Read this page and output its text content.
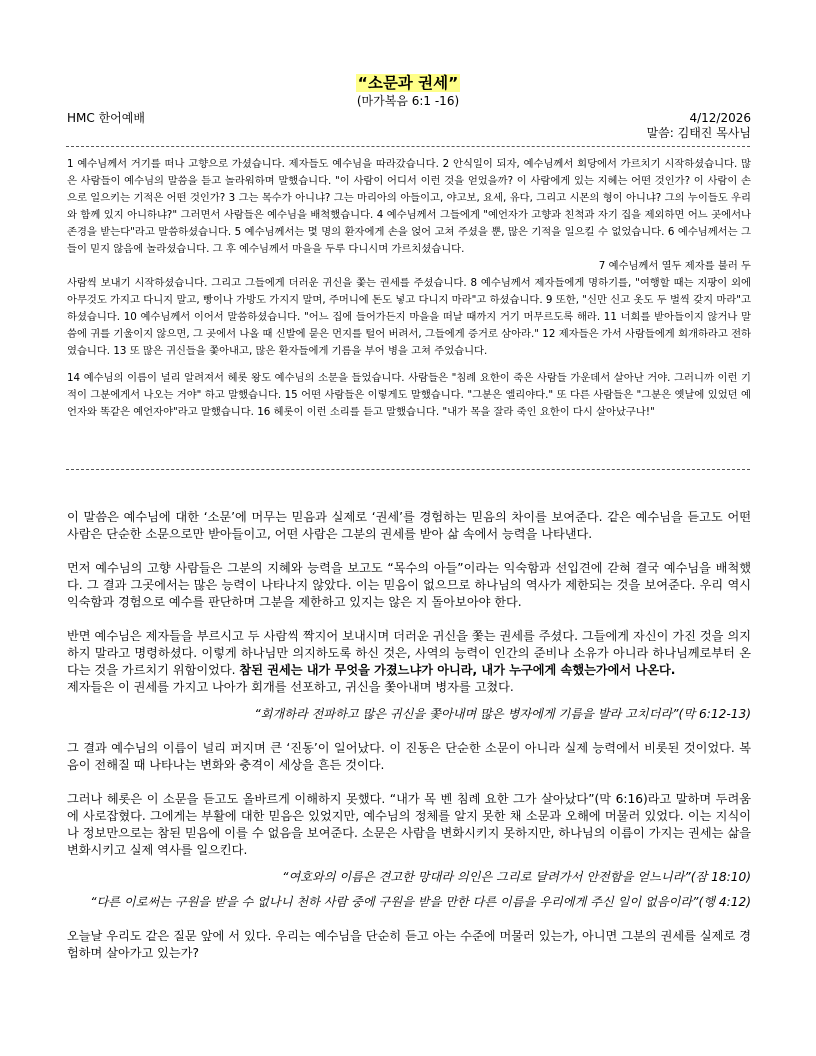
“소문과 권세”
(마가복음 6:1 -16)
HMC 한어예배	4/12/2026
말씀: 김태진 목사님

1 예수님께서 거기를 떠나 고향으로 가셨습니다. 제자들도 예수님을 따라갔습니다. 2 안식일이 되자, 예수님께서 회당에서 가르치기 시작하셨습니다. 많은 사람들이 예수님의 말씀을 듣고 놀라워하며 말했습니다. "이 사람이 어디서 이런 것을 얻었을까? 이 사람에게 있는 지혜는 어떤 것인가? 이 사람이 손으로 일으키는 기적은 어떤 것인가? 3 그는 목수가 아니냐? 그는 마리아의 아들이고, 야고보, 요세, 유다, 그리고 시몬의 형이 아니냐? 그의 누이들도 우리와 함께 있지 아니하냐?" 그러면서 사람들은 예수님을 배척했습니다. 4 예수님께서 그들에게 "예언자가 고향과 친척과 자기 집을 제외하면 어느 곳에서나 존경을 받는다"라고 말씀하셨습니다. 5 예수님께서는 몇 명의 환자에게 손을 얹어 고쳐 주셨을 뿐, 많은 기적을 일으킬 수 없었습니다. 6 예수님께서는 그들이 믿지 않음에 놀라셨습니다. 그 후 예수님께서 마을을 두루 다니시며 가르치셨습니다.

7 예수님께서 열두 제자를 불러 두

사람씩 보내기 시작하셨습니다. 그리고 그들에게 더러운 귀신을 쫓는 권세를 주셨습니다. 8 예수님께서 제자들에게 명하기를, "여행할 때는 지팡이 외에 아무것도 가지고 다니지 말고, 빵이나 가방도 가지지 말며, 주머니에 돈도 넣고 다니지 마라"고 하셨습니다. 9 또한, "신만 신고 옷도 두 벌씩 갖지 마라"고 하셨습니다. 10 예수님께서 이어서 말씀하셨습니다. "어느 집에 들어가든지 마을을 떠날 때까지 거기 머무르도록 해라. 11 너희를 받아들이지 않거나 말씀에 귀를 기울이지 않으면, 그 곳에서 나올 때 신발에 묻은 먼지를 털어 버려서, 그들에게 증거로 삼아라." 12 제자들은 가서 사람들에게 회개하라고 전하였습니다. 13 또 많은 귀신들을 쫓아내고, 많은 환자들에게 기름을 부어 병을 고쳐 주었습니다.

14 예수님의 이름이 널리 알려져서 헤롯 왕도 예수님의 소문을 들었습니다. 사람들은 "침례 요한이 죽은 사람들 가운데서 살아난 거야. 그러니까 이런 기적이 그분에게서 나오는 거야" 하고 말했습니다. 15 어떤 사람들은 이렇게도 말했습니다. "그분은 엘리야다." 또 다른 사람들은 "그분은 옛날에 있었던 예언자와 똑같은 예언자야"라고 말했습니다. 16 헤롯이 이런 소리를 듣고 말했습니다. "내가 목을 잘라 죽인 요한이 다시 살아났구나!"

이 말씀은 예수님에 대한 ‘소문’에 머무는 믿음과 실제로 ‘권세’를 경험하는 믿음의 차이를 보여준다. 같은 예수님을 듣고도 어떤 사람은 단순한 소문으로만 받아들이고, 어떤 사람은 그분의 권세를 받아 삶 속에서 능력을 나타낸다.

먼저 예수님의 고향 사람들은 그분의 지혜와 능력을 보고도 “목수의 아들”이라는 익숙함과 선입견에 갇혀 결국 예수님을 배척했다. 그 결과 그곳에서는 많은 능력이 나타나지 않았다. 이는 믿음이 없으므로 하나님의 역사가 제한되는 것을 보여준다. 우리 역시 익숙함과 경험으로 예수를 판단하며 그분을 제한하고 있지는 않은 지 돌아보아야 한다.

반면 예수님은 제자들을 부르시고 두 사람씩 짝지어 보내시며 더러운 귀신을 쫓는 권세를 주셨다. 그들에게 자신이 가진 것을 의지하지 말라고 명령하셨다. 이렇게 하나님만 의지하도록 하신 것은, 사역의 능력이 인간의 준비나 소유가 아니라 하나님께로부터 온다는 것을 가르치기 위함이었다. 참된 권세는 내가 무엇을 가졌느냐가 아니라, 내가 누구에게 속했는가에서 나온다.

제자들은 이 권세를 가지고 나아가 회개를 선포하고, 귀신을 쫓아내며 병자를 고쳤다.

“회개하라 전파하고 많은 귀신을 쫓아내며 많은 병자에게 기름을 발라 고치더라”(막 6:12-13)

그 결과 예수님의 이름이 널리 퍼지며 큰 ‘진동’이 일어났다. 이 진동은 단순한 소문이 아니라 실제 능력에서 비롯된 것이었다. 복음이 전해질 때 나타나는 변화와 충격이 세상을 흔든 것이다.

그러나 헤롯은 이 소문을 듣고도 올바르게 이해하지 못했다. “내가 목 벤 침례 요한 그가 살아났다”(막 6:16)라고 말하며 두려움에 사로잡혔다. 그에게는 부활에 대한 믿음은 있었지만, 예수님의 정체를 알지 못한 채 소문과 오해에 머물러 있었다. 이는 지식이나 정보만으로는 참된 믿음에 이를 수 없음을 보여준다. 소문은 사람을 변화시키지 못하지만, 하나님의 이름이 가지는 권세는 삶을 변화시키고 실제 역사를 일으킨다.

“여호와의 이름은 견고한 망대라 의인은 그리로 달려가서 안전함을 얻느니라”(잠 18:10)

“다른 이로써는 구원을 받을 수 없나니 천하 사람 중에 구원을 받을 만한 다른 이름을 우리에게 주신 일이 없음이라”(행 4:12)

오늘날 우리도 같은 질문 앞에 서 있다. 우리는 예수님을 단순히 듣고 아는 수준에 머물러 있는가, 아니면 그분의 권세를 실제로 경험하며 살아가고 있는가?
